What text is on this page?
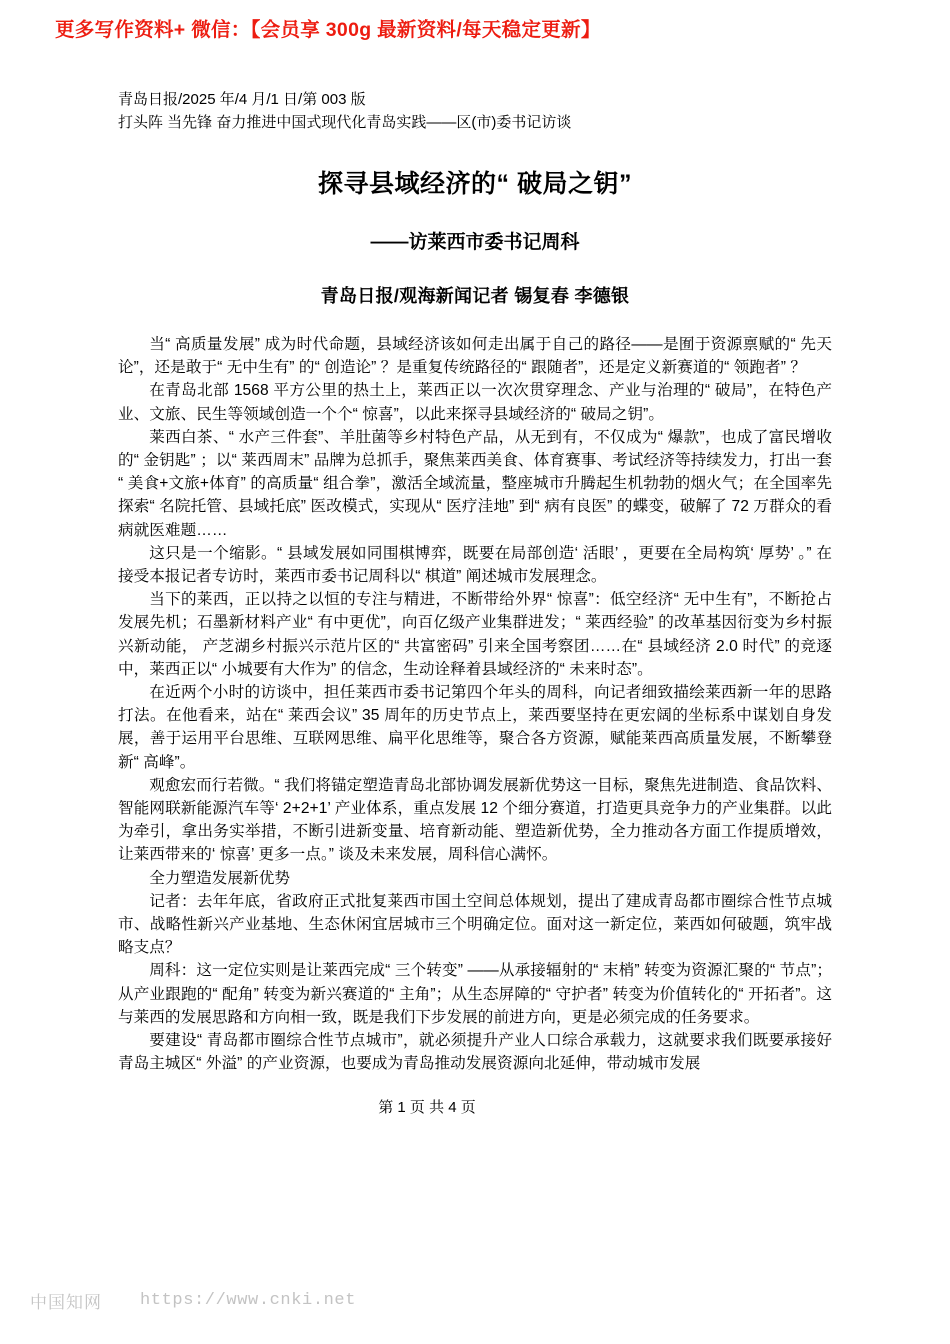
更多写作资料+ 微信：【会员享 300g 最新资料/每天稳定更新】
青岛日报/2025 年/4 月/1 日/第 003 版
打头阵 当先锋 奋力推进中国式现代化青岛实践——区(市)委书记访谈
探寻县域经济的“ 破局之钥”
——访莱西市委书记周科
青岛日报/观海新闻记者 锡复春 李德银

当“ 高质量发展” 成为时代命题，县域经济该如何走出属于自己的路径——是囿于资源禀赋的“ 先天论”，还是敢于“ 无中生有” 的“ 创造论” ？是重复传统路径的“ 跟随者”，还是定义新赛道的“ 领跑者” ？

在青岛北部 1568 平方公里的热土上，莱西正以一次次贯穿理念、产业与治理的“ 破局”，在特色产业、文旅、民生等领域创造一个个“ 惊喜”，以此来探寻县域经济的“ 破局之钥”。

莱西白茶、“ 水产三件套”、羊肚菌等乡村特色产品，从无到有，不仅成为“ 爆款”，也成了富民增收的“ 金钥匙” ；以“ 莱西周末” 品牌为总抓手，聚焦莱西美食、体育赛事、考试经济等持续发力，打出一套“ 美食+文旅+体育” 的高质量“ 组合拳”，激活全域流量，整座城市升腾起生机勃勃的烟火气；在全国率先探索“ 名院托管、县域托底” 医改模式，实现从“ 医疗洼地” 到“ 病有良医” 的蝶变，破解了 72 万群众的看病就医难题……

这只是一个缩影。“ 县域发展如同围棋博弈，既要在局部创造‘ 活眼’ ，更要在全局构筑‘ 厚势’ 。” 在接受本报记者专访时，莱西市委书记周科以“ 棋道” 阐述城市发展理念。

当下的莱西，正以持之以恒的专注与精进，不断带给外界“ 惊喜”：低空经济“ 无中生有”，不断抢占发展先机；石墨新材料产业“ 有中更优”，向百亿级产业集群进发；“ 莱西经验” 的改革基因衍变为乡村振兴新动能， 产芝湖乡村振兴示范片区的“ 共富密码” 引来全国考察团……在“ 县域经济 2.0 时代” 的竞逐中，莱西正以“ 小城要有大作为” 的信念，生动诠释着县域经济的“ 未来时态”。

在近两个小时的访谈中，担任莱西市委书记第四个年头的周科，向记者细致描绘莱西新一年的思路打法。在他看来，站在“ 莱西会议” 35 周年的历史节点上，莱西要坚持在更宏阔的坐标系中谋划自身发展，善于运用平台思维、互联网思维、扁平化思维等，聚合各方资源，赋能莱西高质量发展，不断攀登新“ 高峰”。

观愈宏而行若微。“ 我们将锚定塑造青岛北部协调发展新优势这一目标，聚焦先进制造、食品饮料、智能网联新能源汽车等‘ 2+2+1’ 产业体系，重点发展 12 个细分赛道，打造更具竞争力的产业集群。以此为牵引，拿出务实举措，不断引进新变量、培育新动能、塑造新优势，全力推动各方面工作提质增效，让莱西带来的‘ 惊喜’ 更多一点。” 谈及未来发展，周科信心满怀。

全力塑造发展新优势

记者：去年年底，省政府正式批复莱西市国土空间总体规划，提出了建成青岛都市圈综合性节点城市、战略性新兴产业基地、生态休闲宜居城市三个明确定位。面对这一新定位，莱西如何破题，筑牢战略支点？

周科：这一定位实则是让莱西完成“ 三个转变” ——从承接辐射的“ 末梢” 转变为资源汇聚的“ 节点”；从产业跟跑的“ 配角” 转变为新兴赛道的“ 主角”；从生态屏障的“ 守护者” 转变为价值转化的“ 开拓者”。这与莱西的发展思路和方向相一致，既是我们下步发展的前进方向，更是必须完成的任务要求。

要建设“ 青岛都市圈综合性节点城市”，就必须提升产业人口综合承载力，这就要求我们既要承接好青岛主城区“ 外溢” 的产业资源，也要成为青岛推动发展资源向北延伸，带动城市发展

第 1 页 共 4 页
中国知网 https://www.cnki.net
